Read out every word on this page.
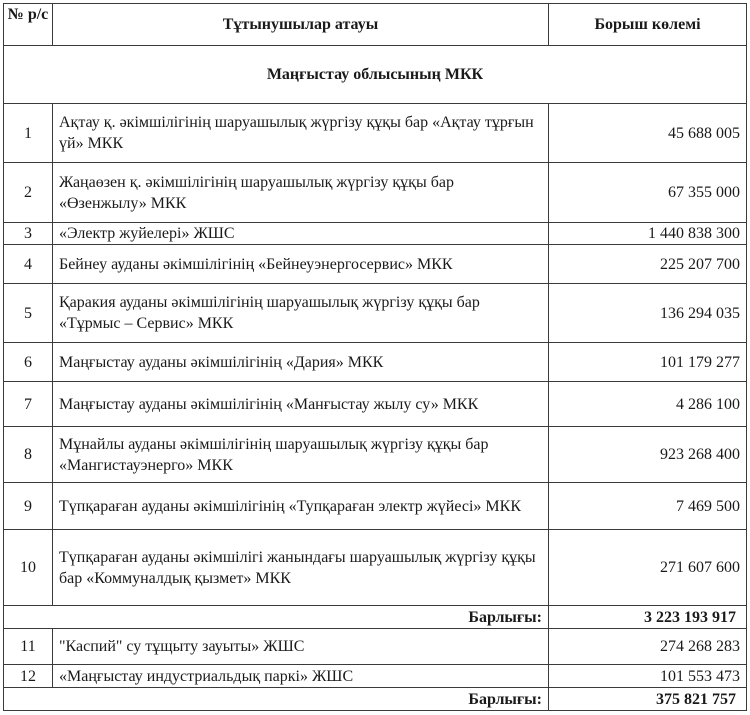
№ р/с	Тұтынушылар атауы	Борыш көлемі
Маңғыстау облысының МКК		
1	Ақтау қ. әкімшілігінің шаруашылық жүргізу құқы бар «Ақтау тұрғын үй» МКК	45 688 005
2	Жаңаөзен қ. әкімшілігінің шаруашылық жүргізу құқы бар «Өзенжылу» МКК	67 355 000
3	«Электр жуйелері» ЖШС	1 440 838 300
4	Бейнеу ауданы әкімшілігінің «Бейнеуэнергосервис» МКК	225 207 700
5	Қаракия ауданы әкімшілігінің шаруашылық жүргізу құқы бар «Тұрмыс – Сервис» МКК	136 294 035
6	Маңғыстау ауданы әкімшілігінің «Дария» МКК	101 179 277
7	Маңғыстау ауданы әкімшілігінің «Манғыстау жылу су» МКК	4 286 100
8	Мұнайлы ауданы әкімшілігінің шаруашылық жүргізу құқы бар «Мангистауэнерго» МКК	923 268 400
9	Түпқараған ауданы әкімшілігінің «Тупқараған электр жүйесі» МКК	7 469 500
10	Түпқараған ауданы әкімшілігі жанындағы шаруашылық жүргізу құқы бар «Коммуналдық қызмет» МКК	271 607 600
Барлығы:		3 223 193 917
11	"Каспий" су тұщыту зауыты» ЖШС	274 268 283
12	«Маңғыстау индустриальдық паркі» ЖШС	101 553 473
Барлығы:		375 821 757
